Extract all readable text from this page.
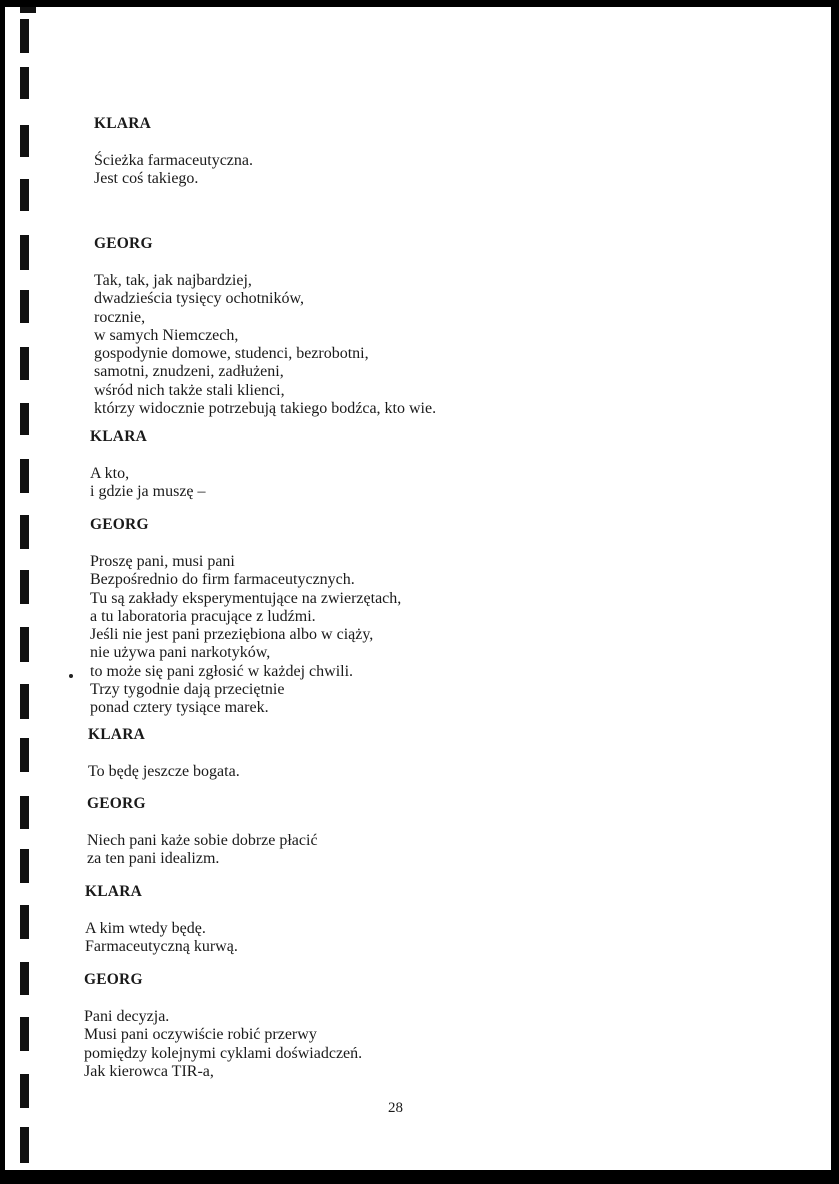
KLARA

Ścieżka farmaceutyczna.
Jest coś takiego.

GEORG

Tak, tak, jak najbardziej,
dwadzieścia tysięcy ochotników,
rocznie,
w samych Niemczech,
gospodynie domowe, studenci, bezrobotni,
samotni, znudzeni, zadłużeni,
wśród nich także stali klienci,
którzy widocznie potrzebują takiego bodźca, kto wie.

KLARA

A kto,
i gdzie ja muszę –

GEORG

Proszę pani, musi pani
Bezpośrednio do firm farmaceutycznych.
Tu są zakłady eksperymentujące na zwierzętach,
a tu laboratoria pracujące z ludźmi.
Jeśli nie jest pani przeziębiona albo w ciąży,
nie używa pani narkotyków,
to może się pani zgłosić w każdej chwili.
Trzy tygodnie dają przeciętnie
ponad cztery tysiące marek.

KLARA

To będę jeszcze bogata.

GEORG

Niech pani każe sobie dobrze płacić
za ten pani idealizm.

KLARA

A kim wtedy będę.
Farmaceutyczną kurwą.

GEORG

Pani decyzja.
Musi pani oczywiście robić przerwy
pomiędzy kolejnymi cyklami doświadczeń.
Jak kierowca TIR-a,
28
